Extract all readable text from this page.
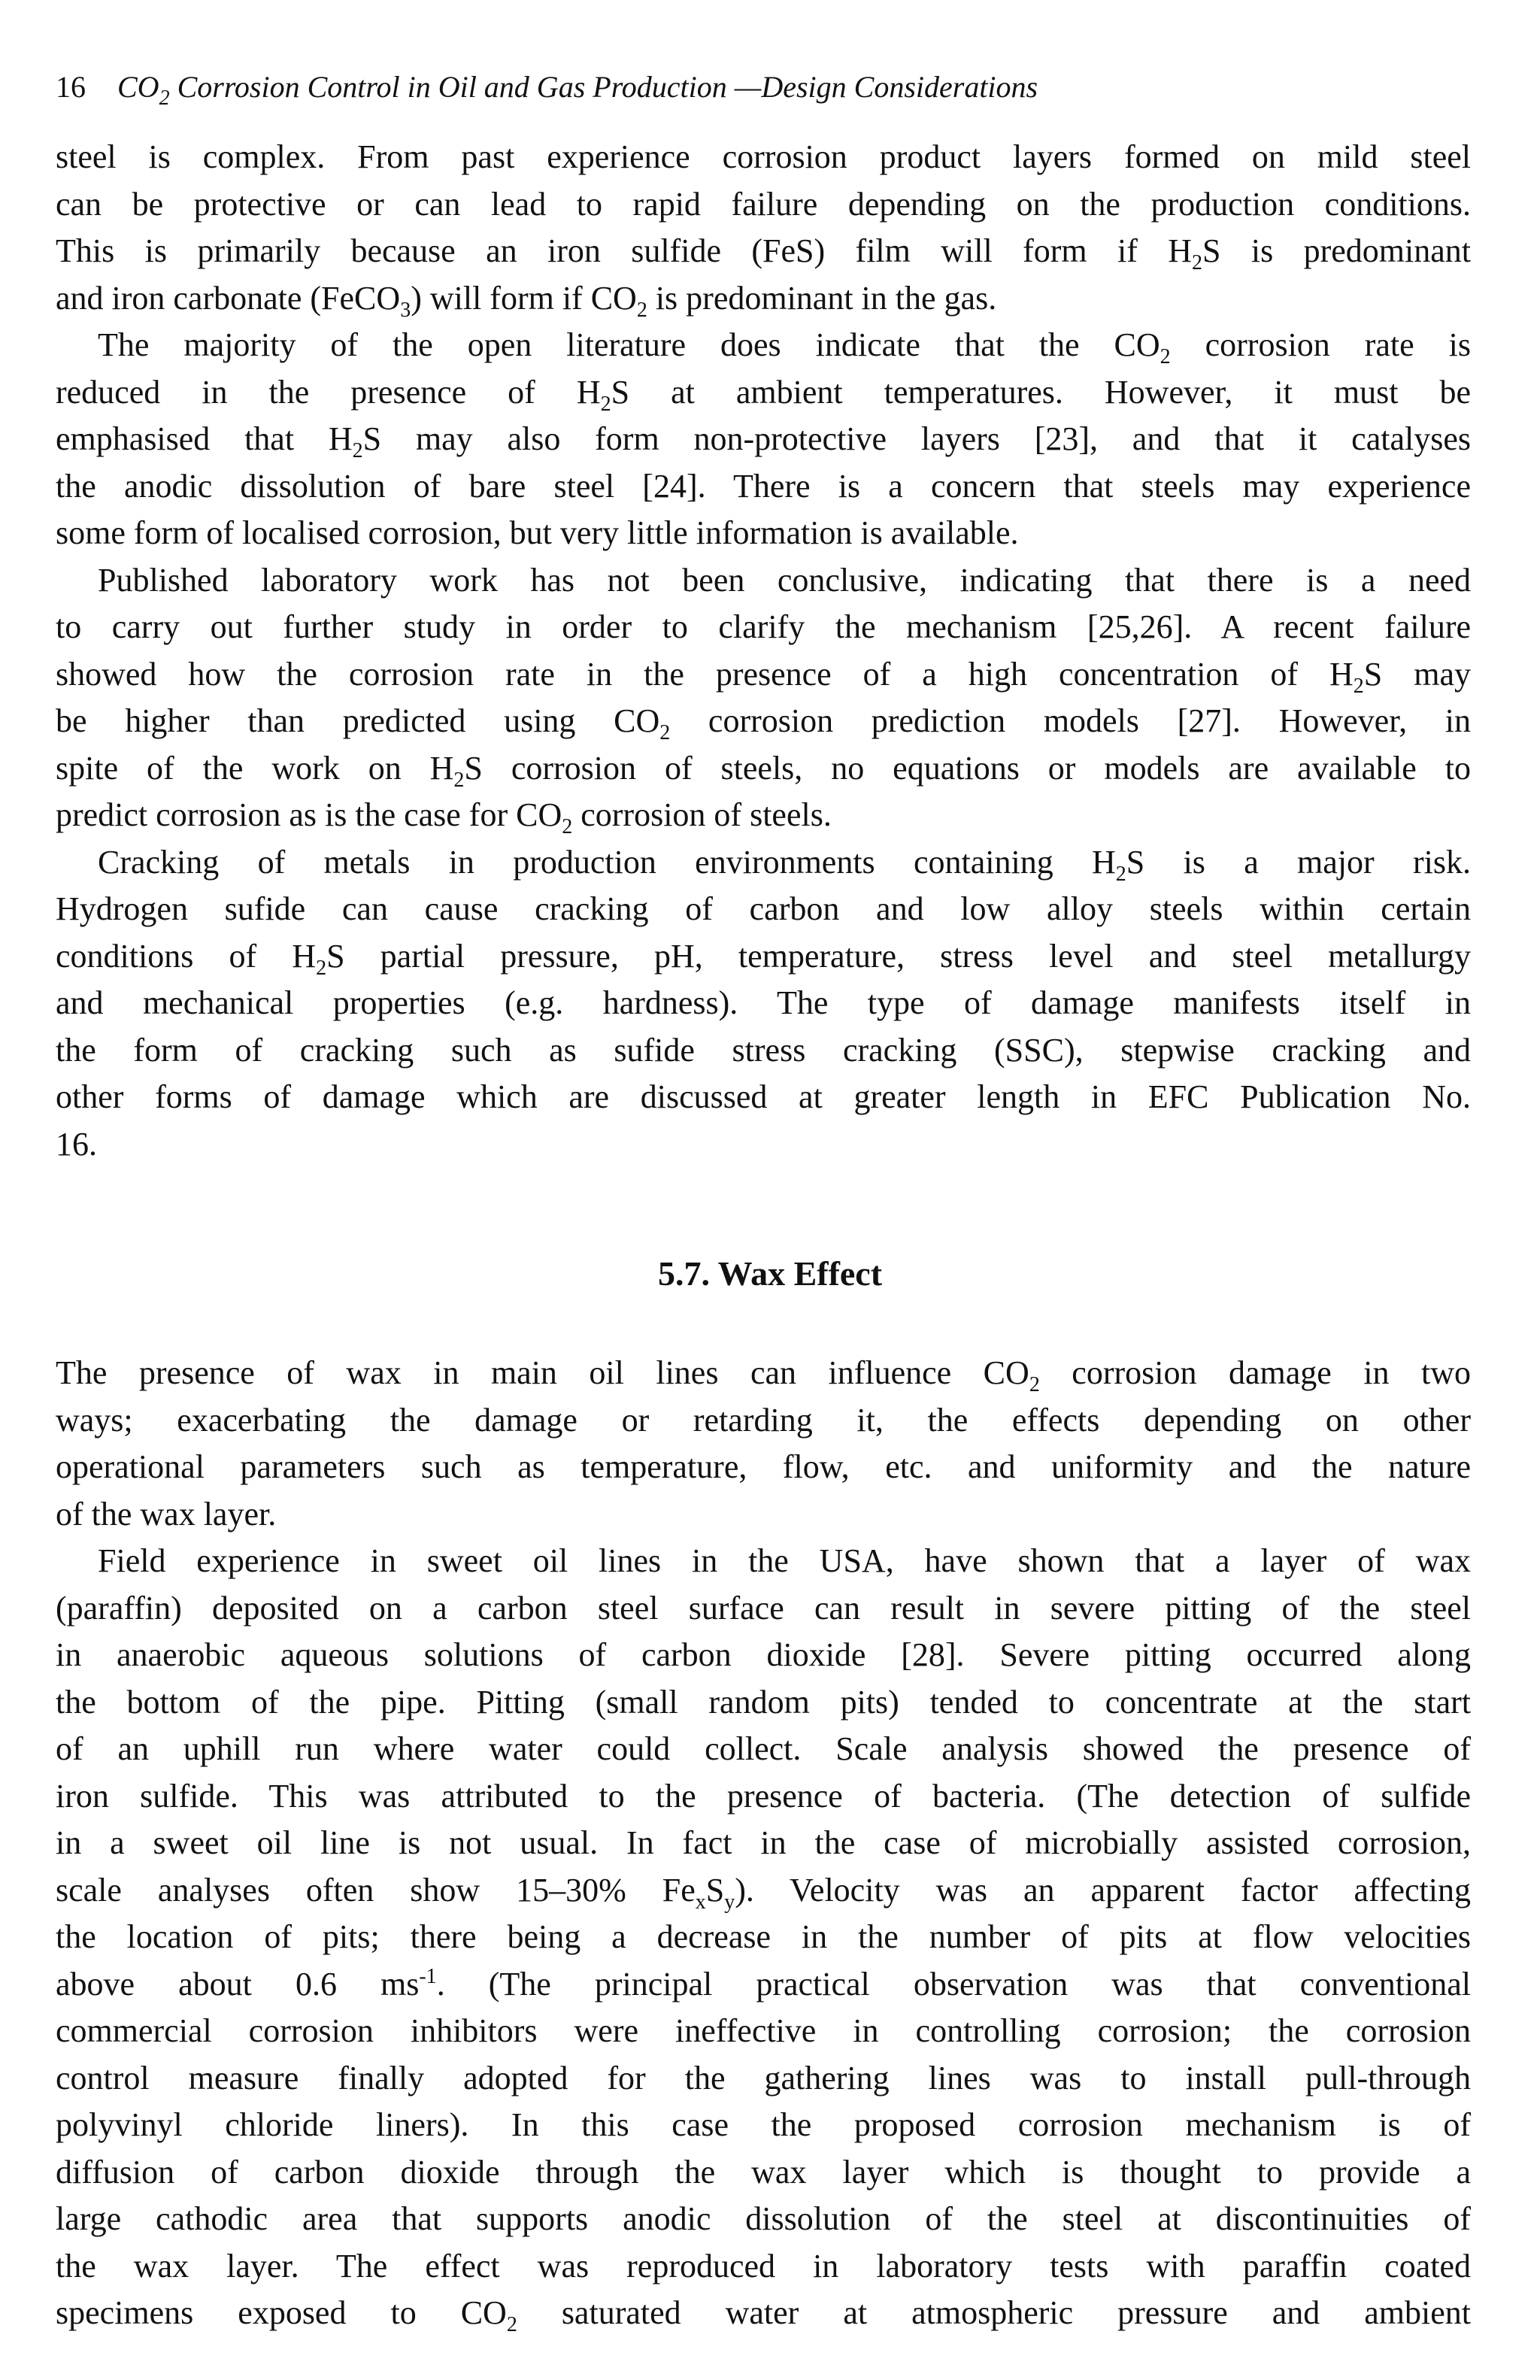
16 $CO_2$ Corrosion Control in Oil and Gas Production —Design Considerations
steel is complex. From past experience corrosion product layers formed on mild steel
can be protective or can lead to rapid failure depending on the production conditions.
This is primarily because an iron sulfide (FeS) film will form if $H_2S$ is predominant
and iron carbonate (FeCO$_3$) will form if $CO_2$ is predominant in the gas.
The majority of the open literature does indicate that the $CO_2$ corrosion rate is
reduced in the presence of $H_2S$ at ambient temperatures. However, it must be
emphasised that $H_2S$ may also form non-protective layers [23], and that it catalyses
the anodic dissolution of bare steel [24]. There is a concern that steels may experience
some form of localised corrosion, but very little information is available.
Published laboratory work has not been conclusive, indicating that there is a need
to carry out further study in order to clarify the mechanism [25,26]. A recent failure
showed how the corrosion rate in the presence of a high concentration of $H_2S$ may
be higher than predicted using $CO_2$ corrosion prediction models [27]. However, in
spite of the work on $H_2S$ corrosion of steels, no equations or models are available to
predict corrosion as is the case for $CO_2$ corrosion of steels.
Cracking of metals in production environments containing $H_2S$ is a major risk.
Hydrogen sufide can cause cracking of carbon and low alloy steels within certain
conditions of $H_2S$ partial pressure, pH, temperature, stress level and steel metallurgy
and mechanical properties (e.g. hardness). The type of damage manifests itself in
the form of cracking such as sufide stress cracking (SSC), stepwise cracking and
other forms of damage which are discussed at greater length in EFC Publication No.
16.
5.7. Wax Effect
The presence of wax in main oil lines can influence $CO_2$ corrosion damage in two
ways; exacerbating the damage or retarding it, the effects depending on other
operational parameters such as temperature, flow, etc. and uniformity and the nature
of the wax layer.
Field experience in sweet oil lines in the USA, have shown that a layer of wax
(paraffin) deposited on a carbon steel surface can result in severe pitting of the steel
in anaerobic aqueous solutions of carbon dioxide [28]. Severe pitting occurred along
the bottom of the pipe. Pitting (small random pits) tended to concentrate at the start
of an uphill run where water could collect. Scale analysis showed the presence of
iron sulfide. This was attributed to the presence of bacteria. (The detection of sulfide
in a sweet oil line is not usual. In fact in the case of microbially assisted corrosion,
scale analyses often show 15–30% $Fe_xS_y$). Velocity was an apparent factor affecting
the location of pits; there being a decrease in the number of pits at flow velocities
above about 0.6 $ms^{-1}$. (The principal practical observation was that conventional
commercial corrosion inhibitors were ineffective in controlling corrosion; the corrosion
control measure finally adopted for the gathering lines was to install pull-through
polyvinyl chloride liners). In this case the proposed corrosion mechanism is of
diffusion of carbon dioxide through the wax layer which is thought to provide a
large cathodic area that supports anodic dissolution of the steel at discontinuities of
the wax layer. The effect was reproduced in laboratory tests with paraffin coated
specimens exposed to $CO_2$ saturated water at atmospheric pressure and ambient
